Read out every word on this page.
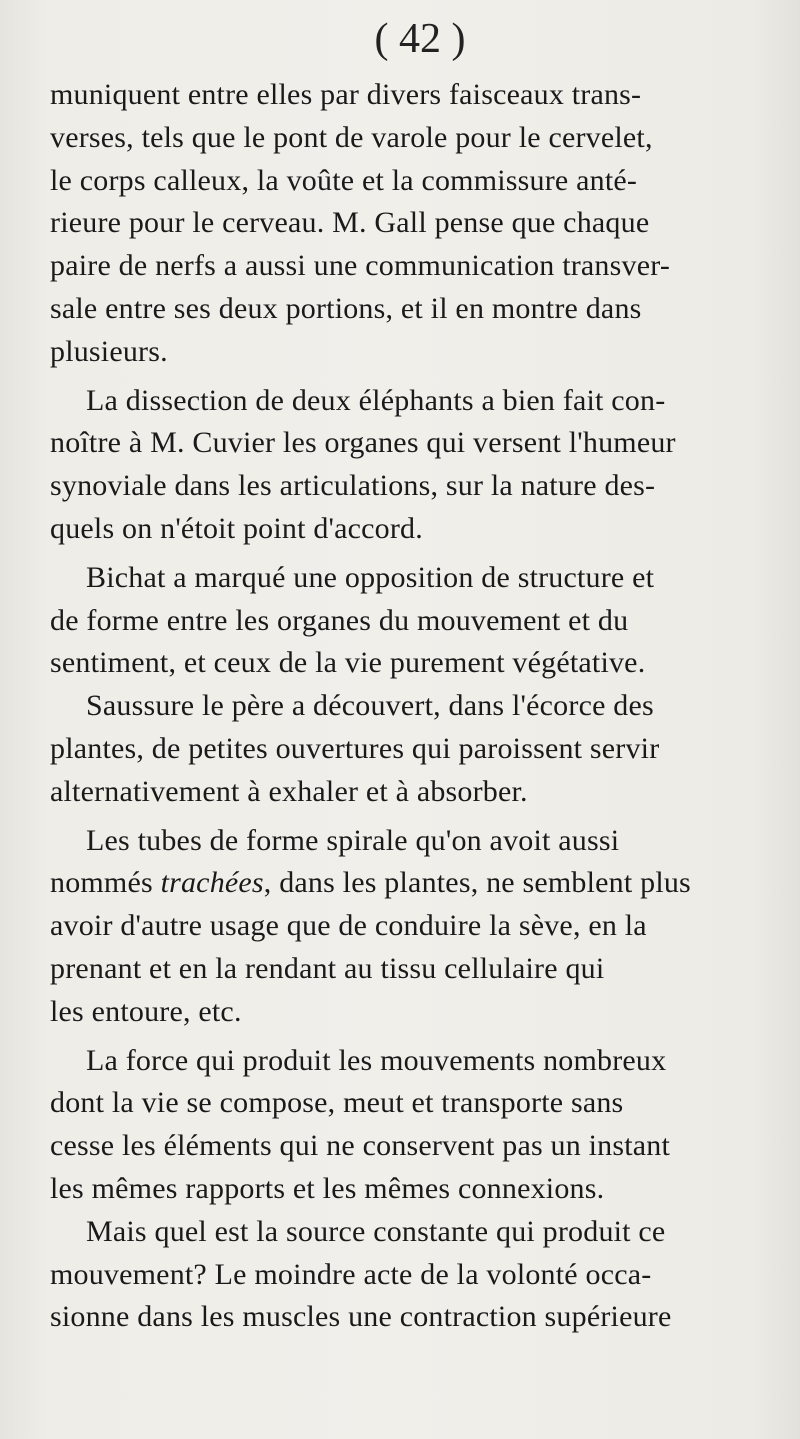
( 42 )
muniquent entre elles par divers faisceaux trans-
verses, tels que le pont de varole pour le cervelet,
le corps calleux, la voûte et la commissure anté-
rieure pour le cerveau. M. Gall pense que chaque
paire de nerfs a aussi une communication transver-
sale entre ses deux portions, et il en montre dans
plusieurs.
La dissection de deux éléphants a bien fait con-
noître à M. Cuvier les organes qui versent l'humeur
synoviale dans les articulations, sur la nature des-
quels on n'étoit point d'accord.
Bichat a marqué une opposition de structure et
de forme entre les organes du mouvement et du
sentiment, et ceux de la vie purement végétative.
Saussure le père a découvert, dans l'écorce des
plantes, de petites ouvertures qui paroissent servir
alternativement à exhaler et à absorber.
Les tubes de forme spirale qu'on avoit aussi
nommés trachées, dans les plantes, ne semblent plus
avoir d'autre usage que de conduire la sève, en la
prenant et en la rendant au tissu cellulaire qui
les entoure, etc.
La force qui produit les mouvements nombreux
dont la vie se compose, meut et transporte sans
cesse les éléments qui ne conservent pas un instant
les mêmes rapports et les mêmes connexions.
Mais quel est la source constante qui produit ce
mouvement? Le moindre acte de la volonté occa-
sionne dans les muscles une contraction supérieure
